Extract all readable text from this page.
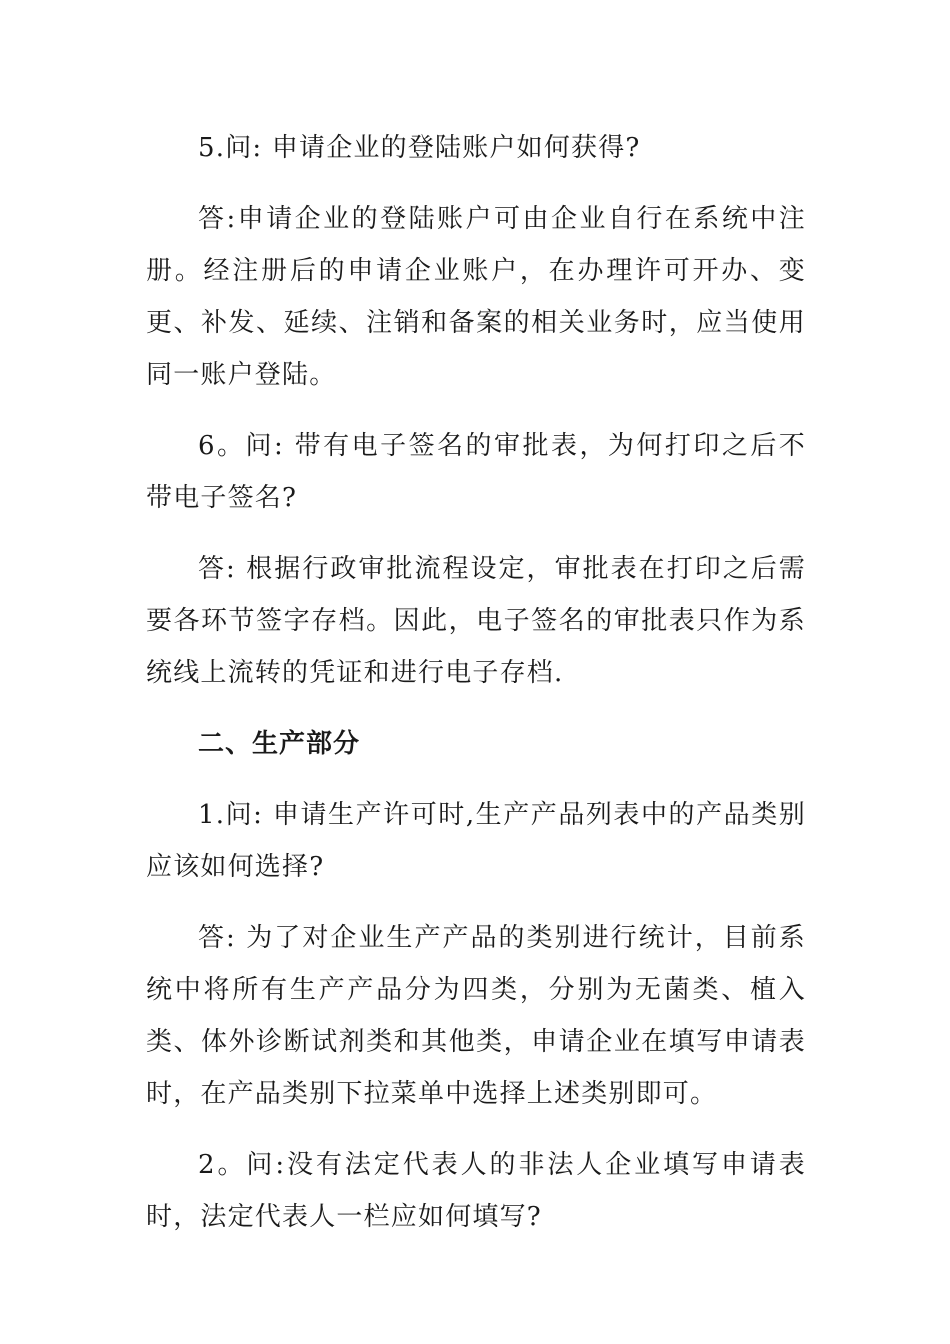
5.问: 申请企业的登陆账户如何获得?

答:申请企业的登陆账户可由企业自行在系统中注册。经注册后的申请企业账户，在办理许可开办、变更、补发、延续、注销和备案的相关业务时，应当使用同一账户登陆。

6。问: 带有电子签名的审批表，为何打印之后不带电子签名?

答: 根据行政审批流程设定，审批表在打印之后需要各环节签字存档。因此，电子签名的审批表只作为系统线上流转的凭证和进行电子存档.

二、生产部分

1.问: 申请生产许可时,生产产品列表中的产品类别应该如何选择?

答: 为了对企业生产产品的类别进行统计，目前系统中将所有生产产品分为四类，分别为无菌类、植入类、体外诊断试剂类和其他类，申请企业在填写申请表时，在产品类别下拉菜单中选择上述类别即可。

2。问:没有法定代表人的非法人企业填写申请表时，法定代表人一栏应如何填写?
